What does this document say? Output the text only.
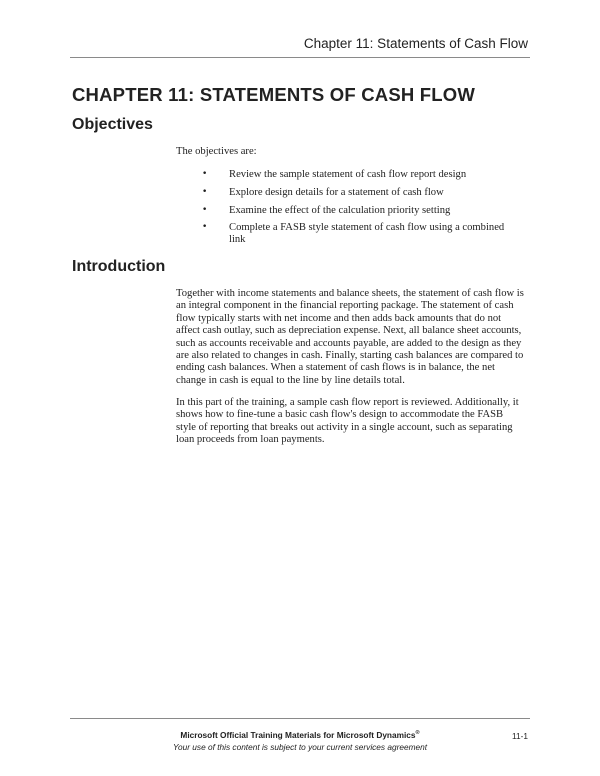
Chapter 11: Statements of Cash Flow
CHAPTER 11: STATEMENTS OF CASH FLOW
Objectives

The objectives are:

• Review the sample statement of cash flow report design
• Explore design details for a statement of cash flow
• Examine the effect of the calculation priority setting
• Complete a FASB style statement of cash flow using a combined link
Introduction

Together with income statements and balance sheets, the statement of cash flow is an integral component in the financial reporting package. The statement of cash flow typically starts with net income and then adds back amounts that do not affect cash outlay, such as depreciation expense. Next, all balance sheet accounts, such as accounts receivable and accounts payable, are added to the design as they are also related to changes in cash. Finally, starting cash balances are compared to ending cash balances. When a statement of cash flows is in balance, the net change in cash is equal to the line by line details total.

In this part of the training, a sample cash flow report is reviewed. Additionally, it shows how to fine-tune a basic cash flow's design to accommodate the FASB style of reporting that breaks out activity in a single account, such as separating loan proceeds from loan payments.

Microsoft Official Training Materials for Microsoft Dynamics®
Your use of this content is subject to your current services agreement
11-1
